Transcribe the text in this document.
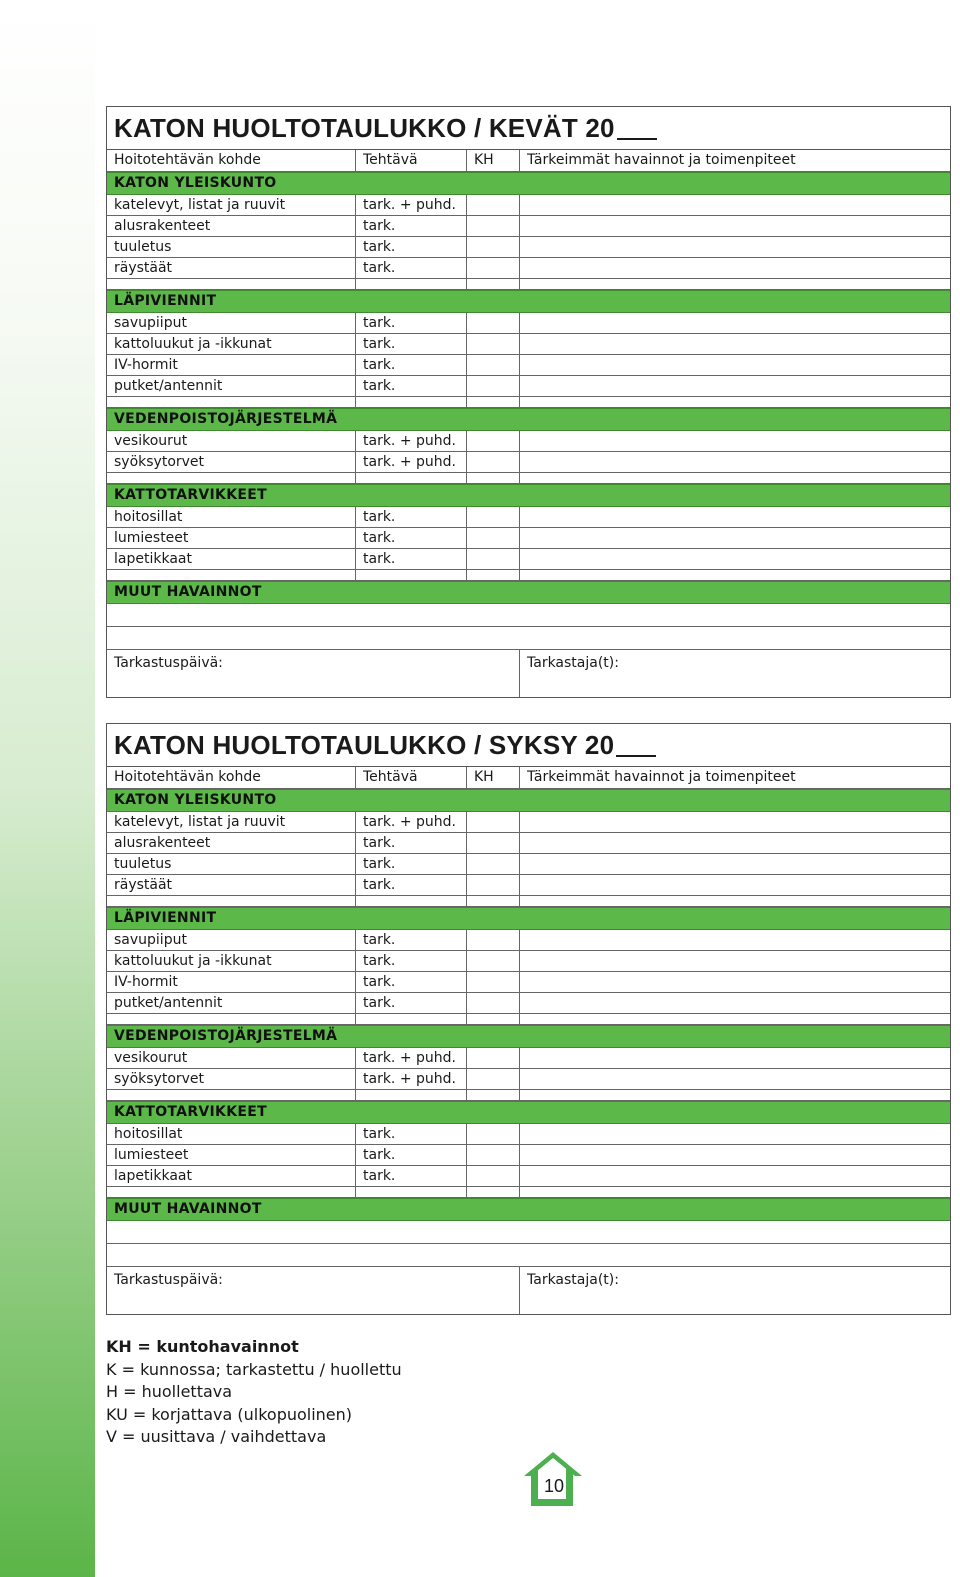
KATON HUOLTOTAULUKKO / KEVÄT 20
Hoitotehtävän kohde	Tehtävä	KH	Tärkeimmät havainnot ja toimenpiteet
KATON YLEISKUNTO
katelevyt, listat ja ruuvit	tark. + puhd.
alusrakenteet	tark.
tuuletus	tark.
räystäät	tark.
LÄPIVIENNIT
savupiiput	tark.
kattoluukut ja -ikkunat	tark.
IV-hormit	tark.
putket/antennit	tark.
VEDENPOISTOJÄRJESTELMÄ
vesikourut	tark. + puhd.
syöksytorvet	tark. + puhd.
KATTOTARVIKKEET
hoitosillat	tark.
lumiesteet	tark.
lapetikkaat	tark.
MUUT HAVAINNOT
Tarkastuspäivä:	Tarkastaja(t):
KATON HUOLTOTAULUKKO / SYKSY 20
Hoitotehtävän kohde	Tehtävä	KH	Tärkeimmät havainnot ja toimenpiteet
KATON YLEISKUNTO
katelevyt, listat ja ruuvit	tark. + puhd.
alusrakenteet	tark.
tuuletus	tark.
räystäät	tark.
LÄPIVIENNIT
savupiiput	tark.
kattoluukut ja -ikkunat	tark.
IV-hormit	tark.
putket/antennit	tark.
VEDENPOISTOJÄRJESTELMÄ
vesikourut	tark. + puhd.
syöksytorvet	tark. + puhd.
KATTOTARVIKKEET
hoitosillat	tark.
lumiesteet	tark.
lapetikkaat	tark.
MUUT HAVAINNOT
Tarkastuspäivä:	Tarkastaja(t):
KH = kuntohavainnot
K = kunnossa; tarkastettu / huollettu
H = huollettava
KU = korjattava (ulkopuolinen)
V = uusittava / vaihdettava
10
